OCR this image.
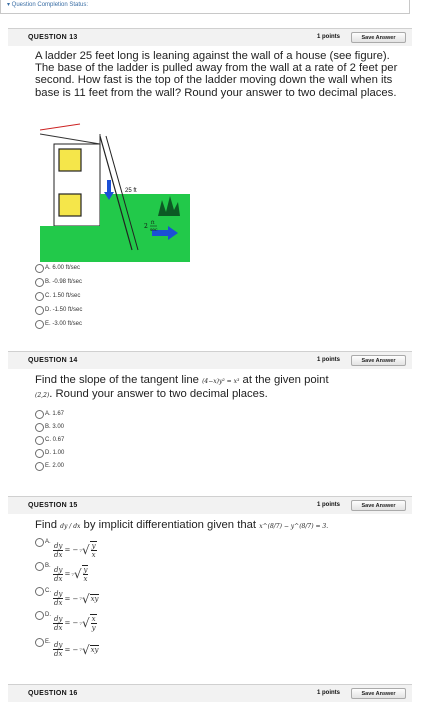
▾ Question Completion Status:
QUESTION 13	1 points	Save Answer
A ladder 25 feet long is leaning against the wall of a house (see figure). The base of the ladder is pulled away from the wall at a rate of 2 feet per second. How fast is the top of the ladder moving down the wall when its base is 11 feet from the wall? Round your answer to two decimal places.
25 ft
2 ft
sec
A. 6.00 ft/sec
B. -0.98 ft/sec
C. 1.50 ft/sec
D. -1.50 ft/sec
E. -3.00 ft/sec
QUESTION 14	1 points	Save Answer
Find the slope of the tangent line (4−x)y² = x³ at the given point
(2,2). Round your answer to two decimal places.
A. 1.67
B. 3.00
C. 0.67
D. 1.00
E. 2.00
QUESTION 15	1 points	Save Answer
Find dy / dx by implicit differentiation given that x^(8/7) − y^(8/7) = 3.
A. $\frac{dy}{dx}$ = − 7 √ $\frac{y}{x}$
B. $\frac{dy}{dx} = 7$ √ $\frac{y}{x}$
C. $\frac{dy}{dx}$ = − 7 √ xy
D. $\frac{dy}{dx}$ = − 7 √ $\frac{x}{y}$
E. $\frac{dy}{dx}$ = − 7 √ xy
QUESTION 16	1 points	Save Answer
